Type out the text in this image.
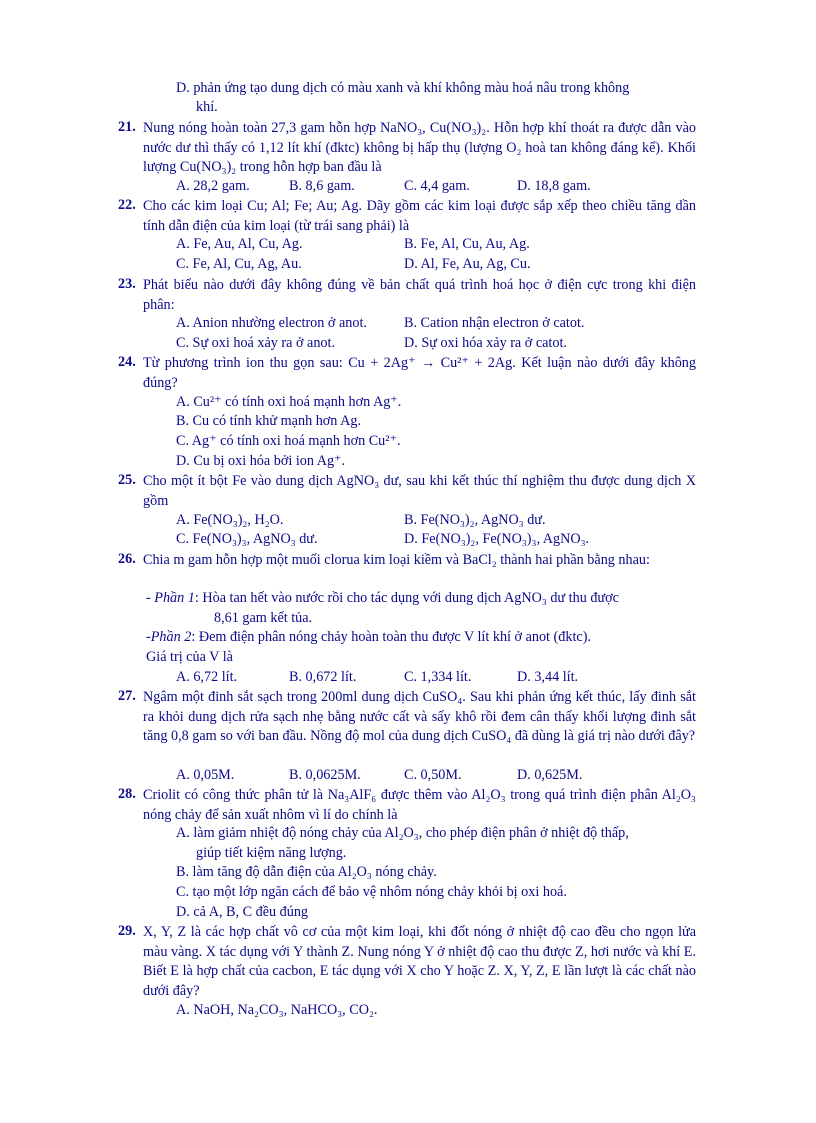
D. phản ứng tạo dung dịch có màu xanh và khí không màu hoá nâu trong không
khí.
21. Nung nóng hoàn toàn 27,3 gam hỗn hợp NaNO₃, Cu(NO₃)₂. Hỗn hợp khí thoát ra được dẫn vào nước dư thì thấy có 1,12 lít khí (đktc) không bị hấp thụ (lượng O₂ hoà tan không đáng kể). Khối lượng Cu(NO₃)₂ trong hỗn hợp ban đầu là
A. 28,2 gam.	B. 8,6 gam.	C. 4,4 gam.	D. 18,8 gam.
22. Cho các kim loại Cu; Al; Fe; Au; Ag. Dãy gồm các kim loại được sắp xếp theo chiều tăng dần tính dẫn điện của kim loại (từ trái sang phải) là
A. Fe, Au, Al, Cu, Ag.	B. Fe, Al, Cu, Au, Ag.
C. Fe, Al, Cu, Ag, Au.	D. Al, Fe, Au, Ag, Cu.
23. Phát biểu nào dưới đây không đúng về bản chất quá trình hoá học ở điện cực trong khi điện phân:
A. Anion nhường electron ở anot.	B. Cation nhận electron ở catot.
C. Sự oxi hoá xảy ra ở anot.	D. Sự oxi hóa xảy ra ở catot.
24. Từ phương trình ion thu gọn sau: Cu + 2Ag⁺ → Cu²⁺ + 2Ag. Kết luận nào dưới đây không đúng?
A. Cu²⁺ có tính oxi hoá mạnh hơn Ag⁺.
B. Cu có tính khử mạnh hơn Ag.
C. Ag⁺ có tính oxi hoá mạnh hơn Cu²⁺.
D. Cu bị oxi hóa bởi ion Ag⁺.
25. Cho một ít bột Fe vào dung dịch AgNO₃ dư, sau khi kết thúc thí nghiệm thu được dung dịch X gồm
A. Fe(NO₃)₂, H₂O.	B. Fe(NO₃)₂, AgNO₃ dư.
C. Fe(NO₃)₃, AgNO₃ dư.	D. Fe(NO₃)₂, Fe(NO₃)₃, AgNO₃.
26. Chia m gam hỗn hợp một muối clorua kim loại kiềm và BaCl₂ thành hai phần bằng nhau:
- Phần 1: Hòa tan hết vào nước rồi cho tác dụng với dung dịch AgNO₃ dư thu được
8,61 gam kết tủa.
-Phần 2: Đem điện phân nóng chảy hoàn toàn thu được V lít khí ở anot (đktc).
Giá trị của V là
A. 6,72 lít.	B. 0,672 lít.	C. 1,334 lít.	D. 3,44 lít.
27. Ngâm một đinh sắt sạch trong 200ml dung dịch CuSO₄. Sau khi phản ứng kết thúc, lấy đinh sắt ra khỏi dung dịch rửa sạch nhẹ bằng nước cất và sấy khô rồi đem cân thấy khối lượng đinh sắt tăng 0,8 gam so với ban đầu. Nồng độ mol của dung dịch CuSO₄ đã dùng là giá trị nào dưới đây?
A. 0,05M.	B. 0,0625M.	C. 0,50M.	D. 0,625M.
28. Criolit có công thức phân tử là Na₃AlF₆ được thêm vào Al₂O₃ trong quá trình điện phân Al₂O₃ nóng chảy để sản xuất nhôm vì lí do chính là
A. làm giảm nhiệt độ nóng chảy của Al₂O₃, cho phép điện phân ở nhiệt độ thấp,
giúp tiết kiệm năng lượng.
B. làm tăng độ dẫn điện của Al₂O₃ nóng chảy.
C. tạo một lớp ngăn cách để bảo vệ nhôm nóng chảy khỏi bị oxi hoá.
D. cả A, B, C đều đúng
29. X, Y, Z là các hợp chất vô cơ của một kim loại, khi đốt nóng ở nhiệt độ cao đều cho ngọn lửa màu vàng. X tác dụng với Y thành Z. Nung nóng Y ở nhiệt độ cao thu được Z, hơi nước và khí E. Biết E là hợp chất của cacbon, E tác dụng với X cho Y hoặc Z. X, Y, Z, E lần lượt là các chất nào dưới đây?
A. NaOH, Na₂CO₃, NaHCO₃, CO₂.
